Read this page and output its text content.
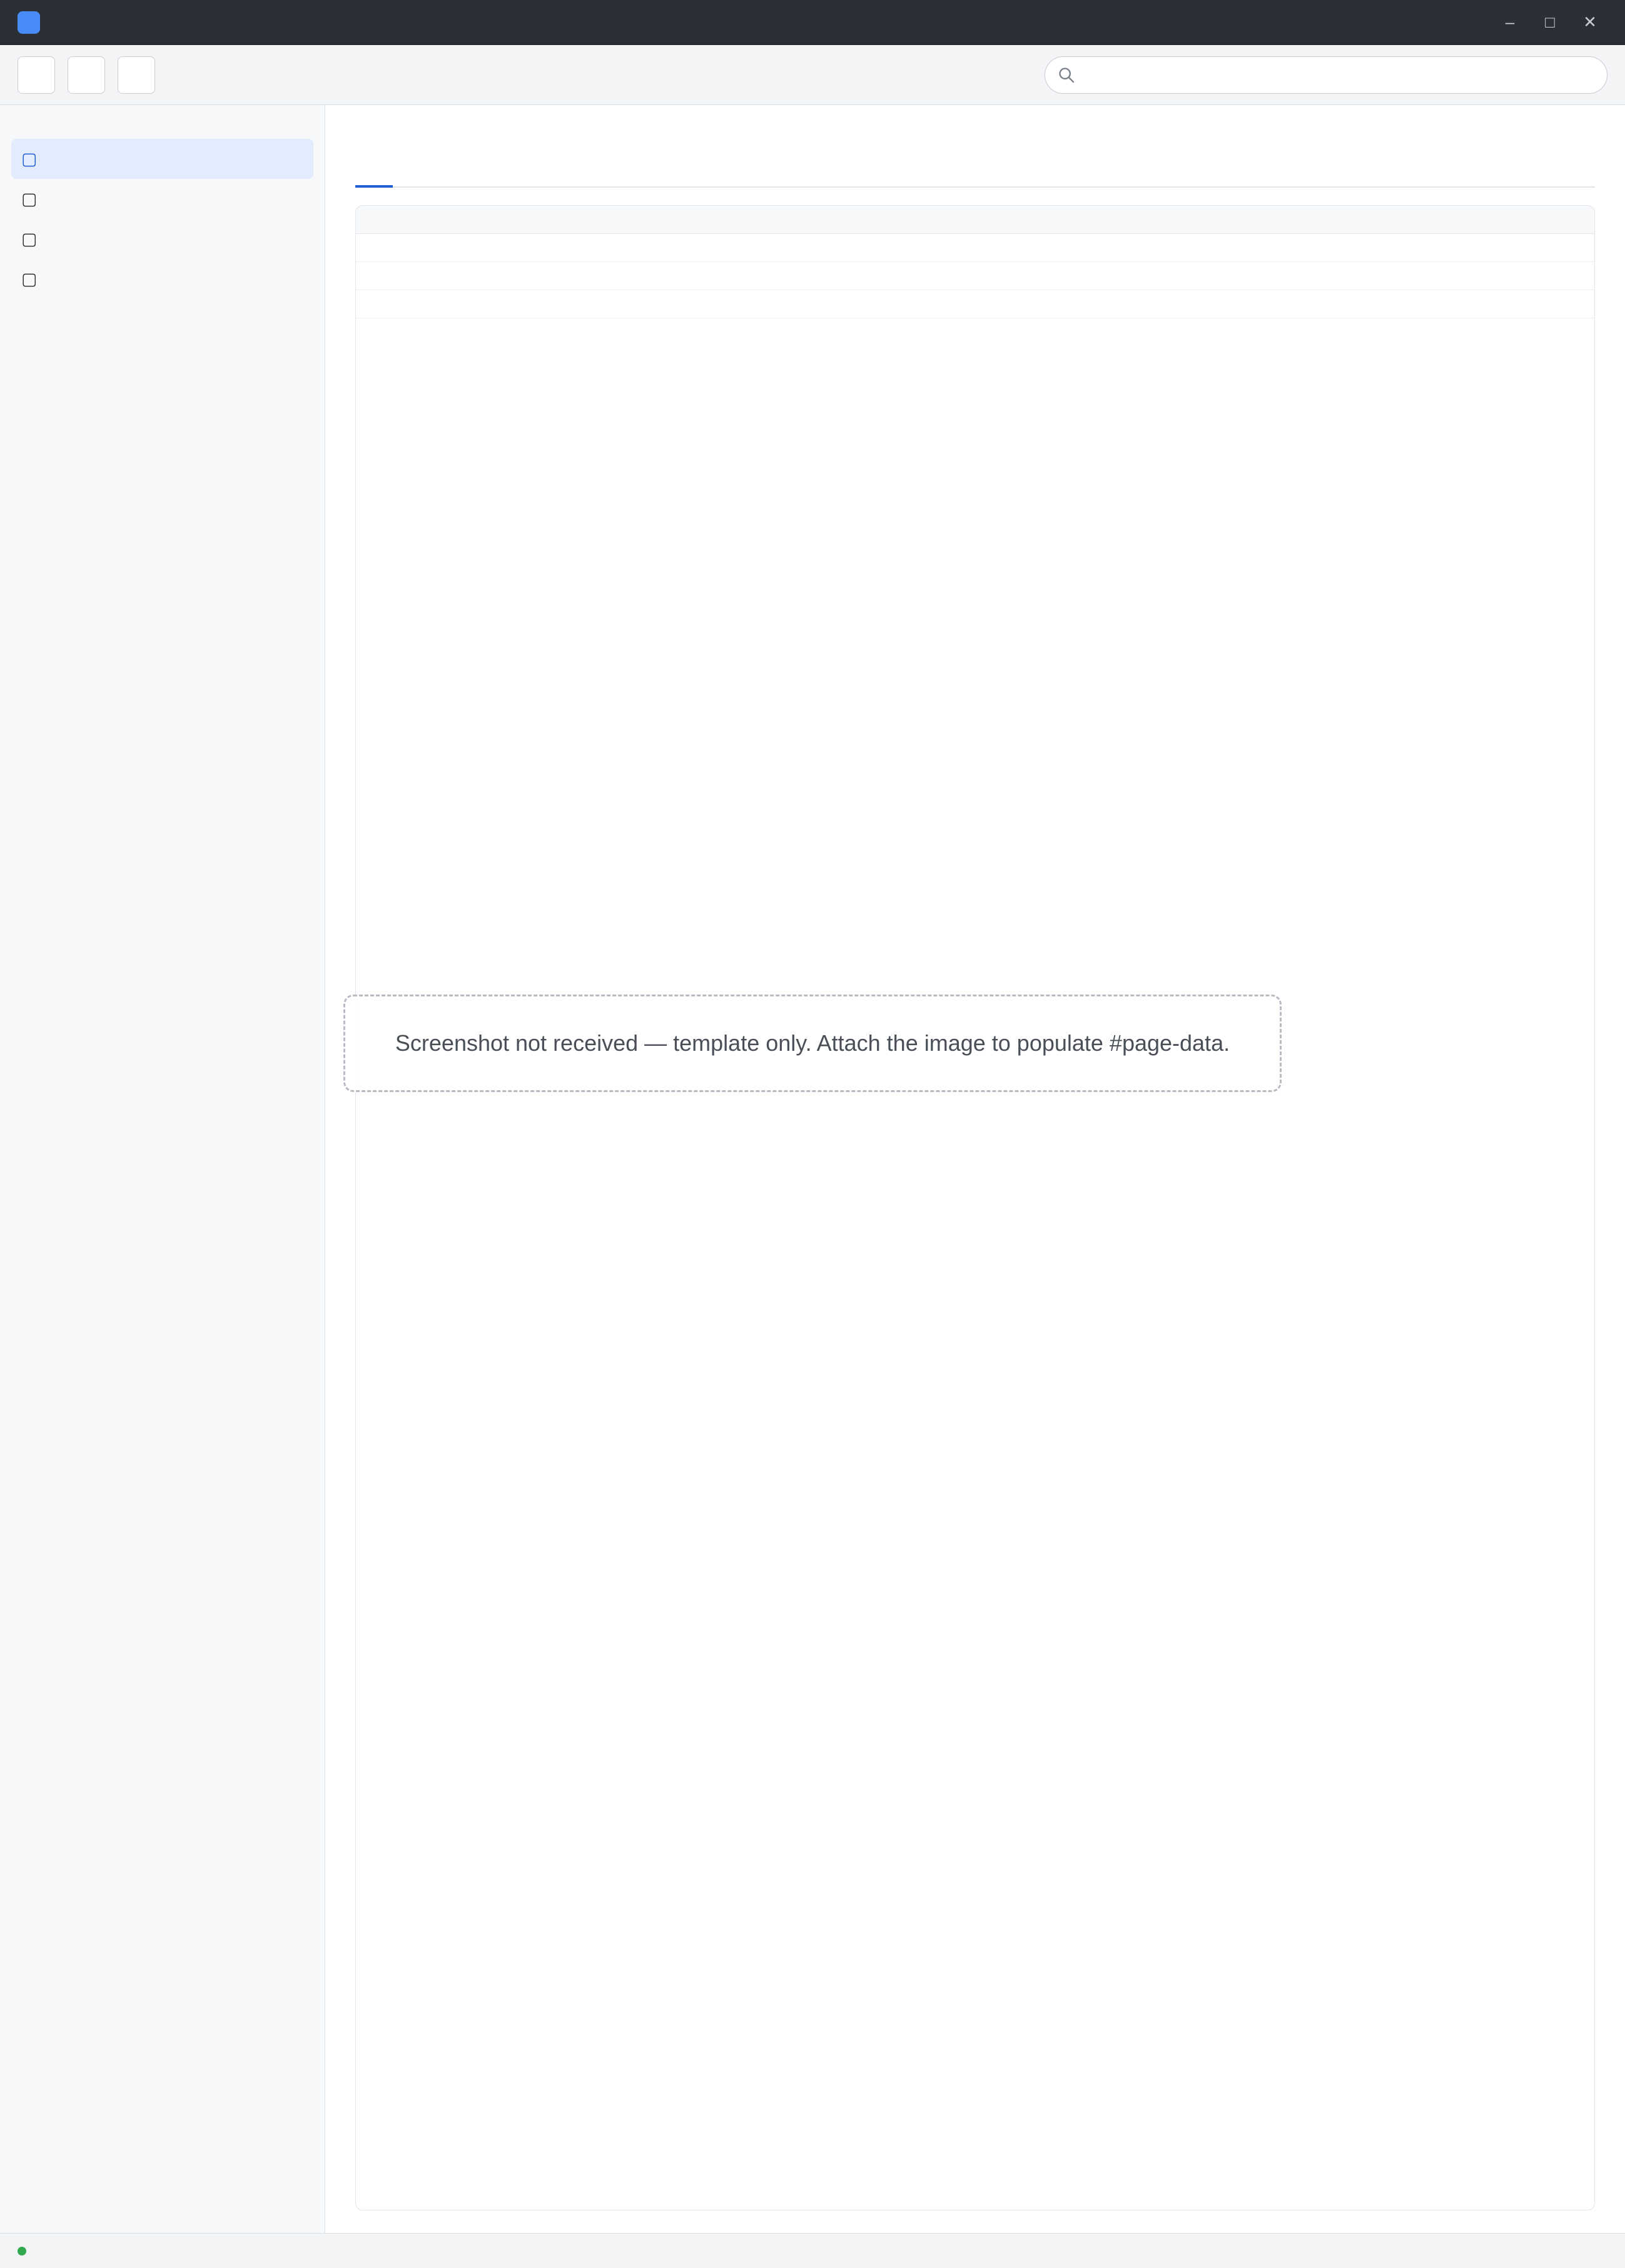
–	□	✕
▢
▢
▢
▢

Screenshot not received — template only. Attach the image to populate #page-data.
